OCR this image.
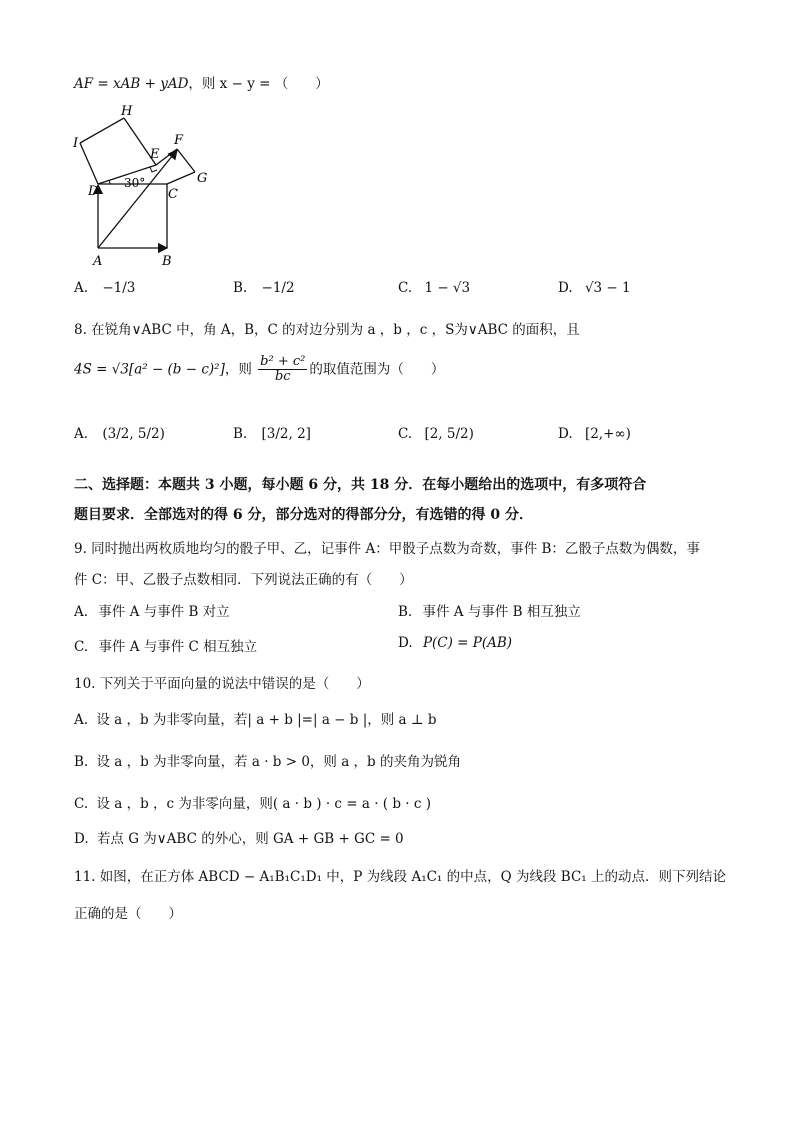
AF = xAB + yAD，则 x − y = （　　）
I
H
F
E
G
D	C
A	B
30°
A. −1/3	B. −1/2	C. 1 − √3	D. √3 − 1
8. 在锐角∨ABC 中，角 A，B，C 的对边分别为 a ，b ，c ，S为∨ABC 的面积，且
4S = √3[a² − (b − c)²]，则 $\frac{\text{b² + c²}}{bc}$ 的取值范围为（　　）
A. (3/2, 5/2)	B. [3/2, 2]	C. [2, 5/2)	D. [2,+∞)
二、选择题：本题共 3 小题，每小题 6 分，共 18 分．在每小题给出的选项中，有多项符合
题目要求．全部选对的得 6 分，部分选对的得部分分，有选错的得 0 分．
9. 同时抛出两枚质地均匀的骰子甲、乙，记事件 A：甲骰子点数为奇数，事件 B：乙骰子点数为偶数，事
件 C：甲、乙骰子点数相同．下列说法正确的有（　　）
A. 事件 A 与事件 B 对立	B. 事件 A 与事件 B 相互独立
C. 事件 A 与事件 C 相互独立	D. P(C) = P(AB)
10. 下列关于平面向量的说法中错误的是（　　）
A. 设 a ，b 为非零向量，若| a + b |=| a − b |，则 a ⊥ b
B. 设 a ，b 为非零向量，若 a · b > 0，则 a ，b 的夹角为锐角
C. 设 a ，b ，c 为非零向量，则( a · b ) · c = a · ( b · c )
D. 若点 G 为∨ABC 的外心，则 GA + GB + GC = 0
11. 如图，在正方体 ABCD − A₁B₁C₁D₁ 中，P 为线段 A₁C₁ 的中点，Q 为线段 BC₁ 上的动点．则下列结论
正确的是（　　）
